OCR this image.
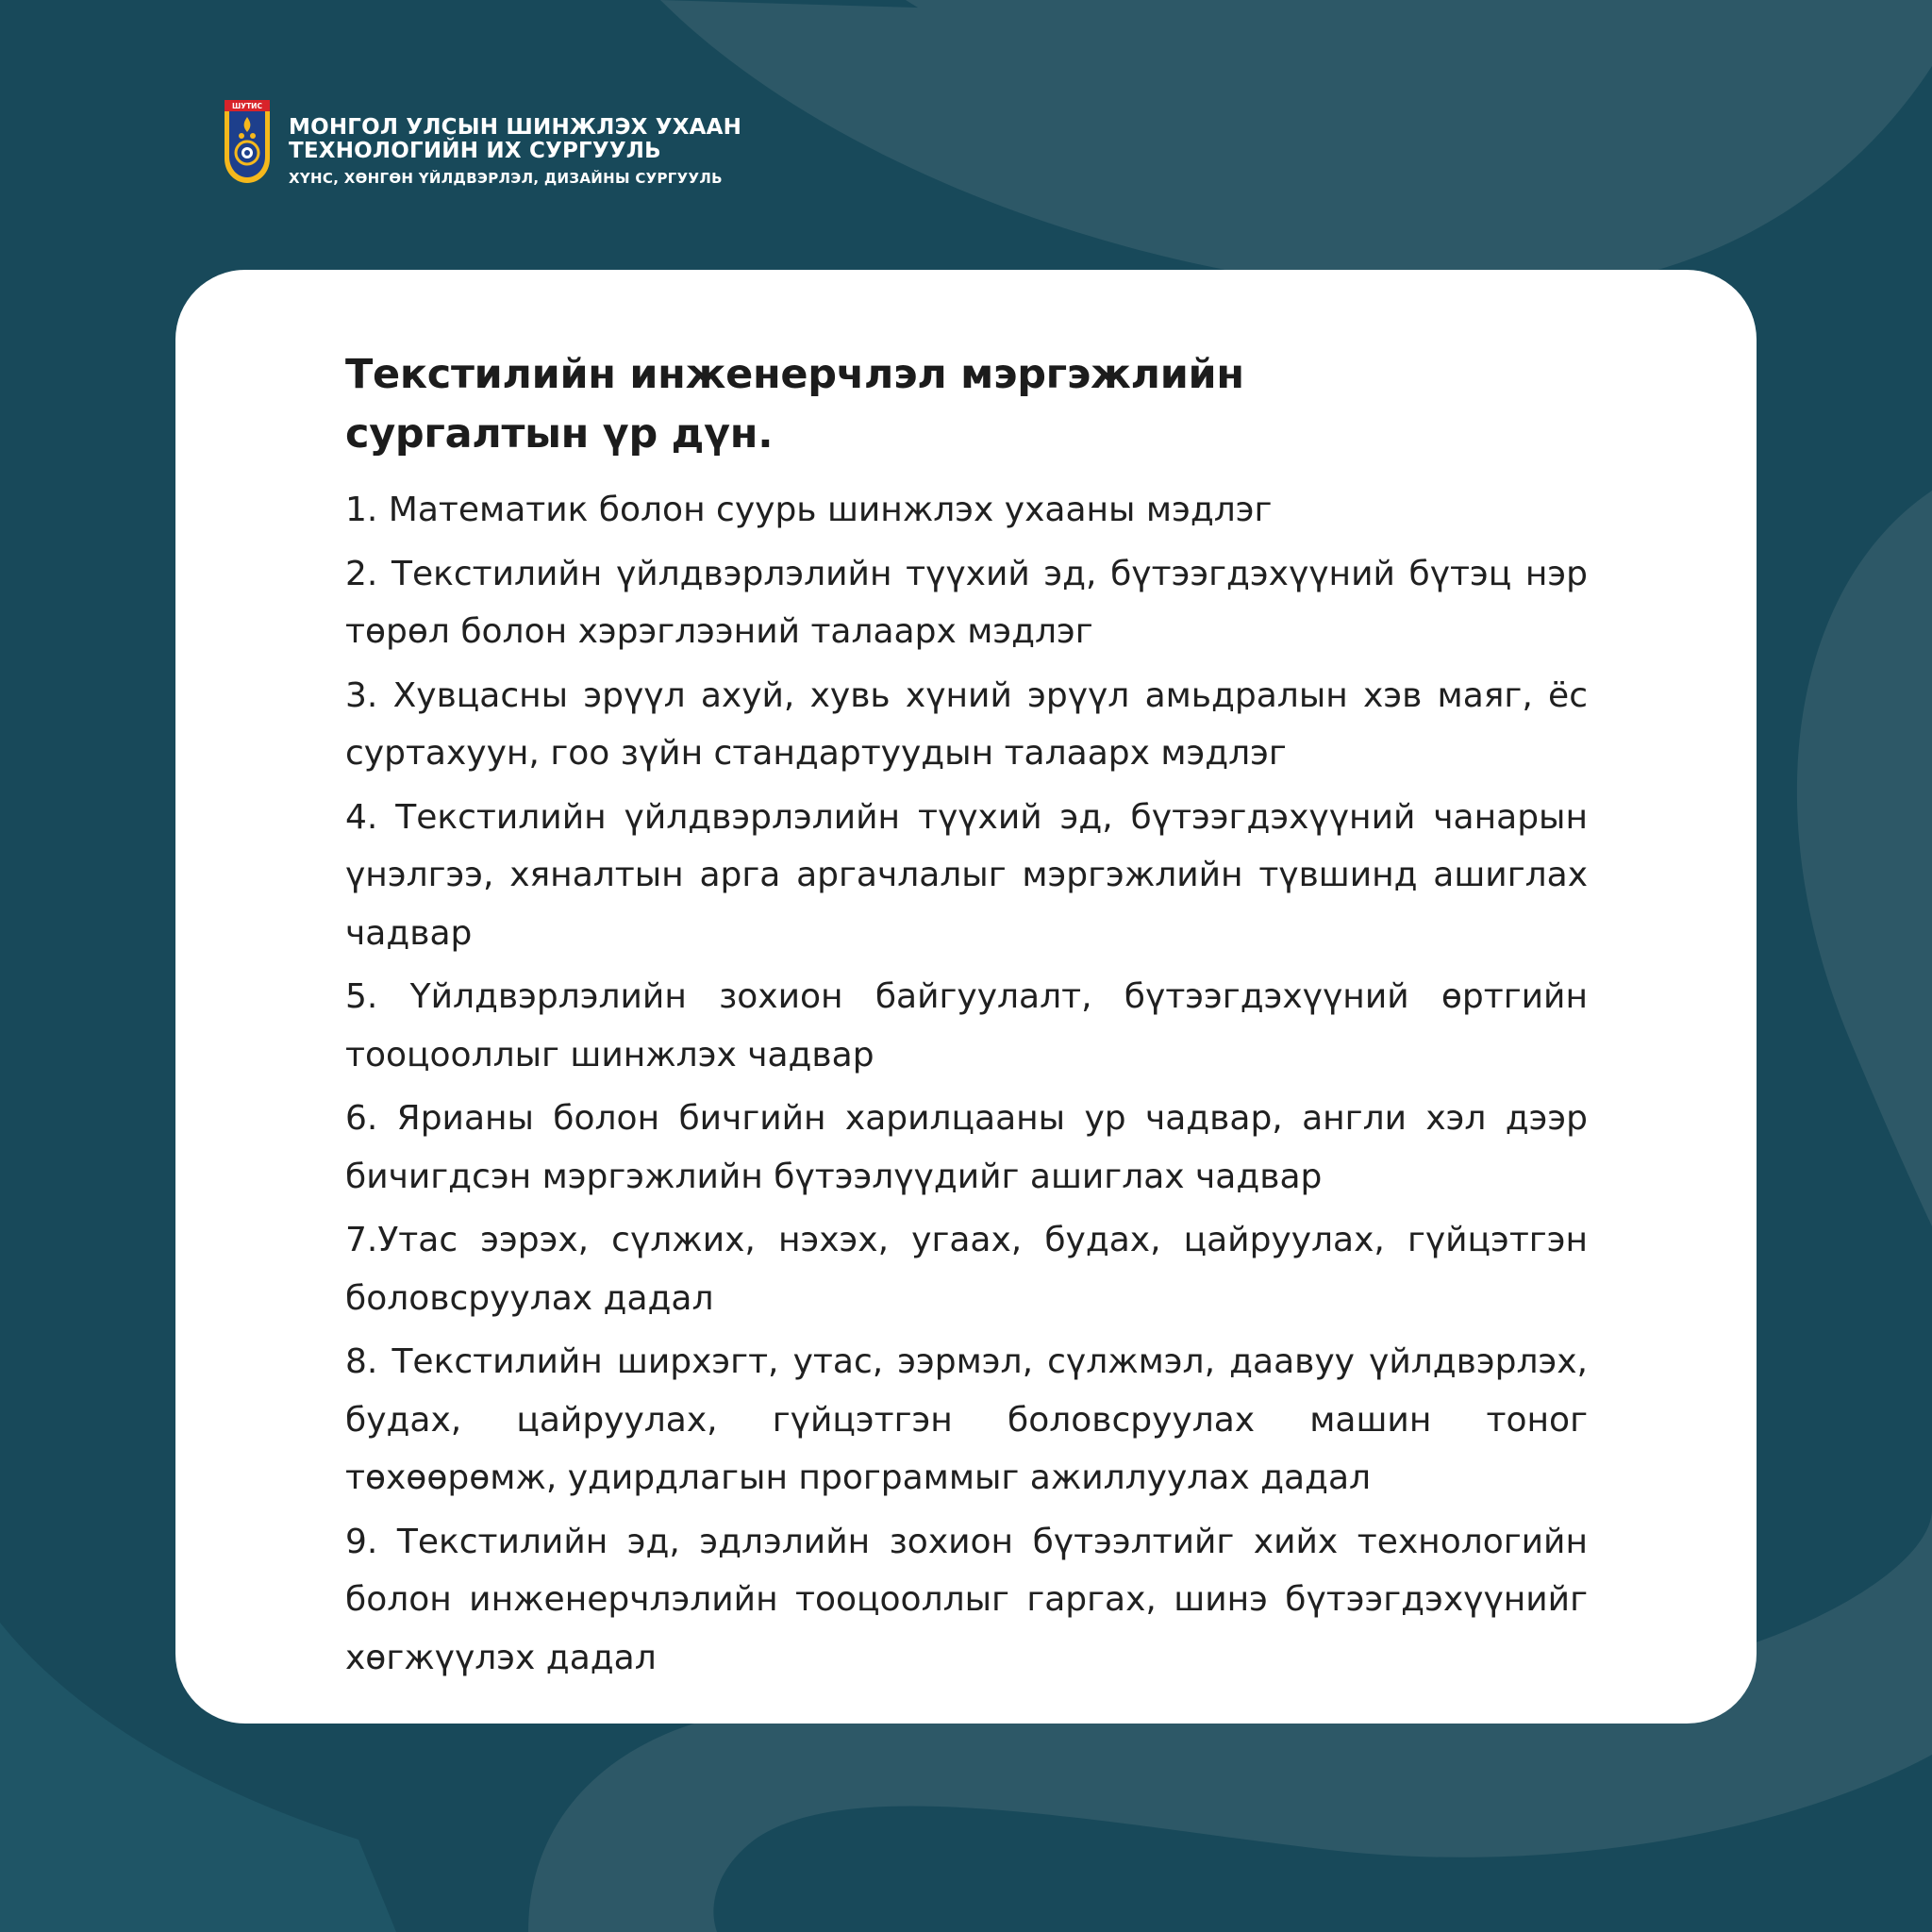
ШУТИС
МОНГОЛ УЛСЫН ШИНЖЛЭХ УХААН
ТЕХНОЛОГИЙН ИХ СУРГУУЛЬ
ХҮНС, ХӨНГӨН ҮЙЛДВЭРЛЭЛ, ДИЗАЙНЫ СУРГУУЛЬ
Текстилийн инженерчлэл мэргэжлийн
сургалтын үр дүн.
1. Математик болон суурь шинжлэх ухааны мэдлэг
2. Текстилийн үйлдвэрлэлийн түүхий эд, бүтээгдэхүүний бүтэц нэр төрөл болон хэрэглээний талаарх мэдлэг
3. Хувцасны эрүүл ахуй, хувь хүний эрүүл амьдралын хэв маяг, ёс суртахуун, гоо зүйн стандартуудын талаарх мэдлэг
4. Текстилийн үйлдвэрлэлийн түүхий эд, бүтээгдэхүүний чанарын үнэлгээ, хяналтын арга аргачлалыг мэргэжлийн түвшинд ашиглах чадвар
5. Үйлдвэрлэлийн зохион байгуулалт, бүтээгдэхүүний өртгийн тооцооллыг шинжлэх чадвар
6. Ярианы болон бичгийн харилцааны ур чадвар, англи хэл дээр бичигдсэн мэргэжлийн бүтээлүүдийг ашиглах чадвар
7.Утас ээрэх, сүлжих, нэхэх, угаах, будах, цайруулах, гүйцэтгэн боловсруулах дадал
8. Текстилийн ширхэгт, утас, ээрмэл, сүлжмэл, даавуу үйлдвэрлэх, будах, цайруулах, гүйцэтгэн боловсруулах машин тоног төхөөрөмж, удирдлагын программыг ажиллуулах дадал
9. Текстилийн эд, эдлэлийн зохион бүтээлтийг хийх технологийн болон инженерчлэлийн тооцооллыг гаргах, шинэ бүтээгдэхүүнийг хөгжүүлэх дадал
